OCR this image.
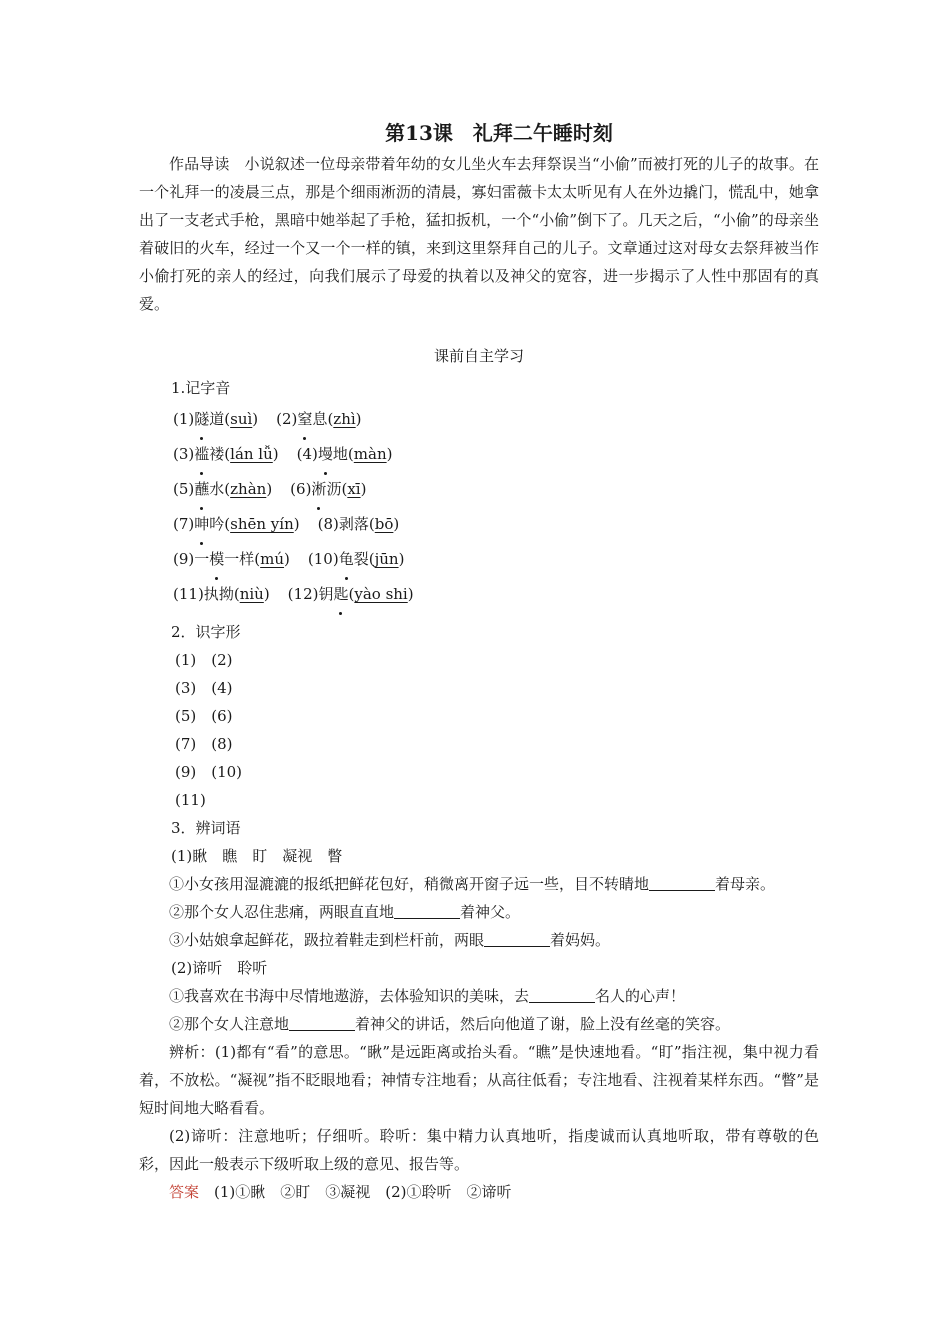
第13课　礼拜二午睡时刻

作品导读　 小说叙述一位母亲带着年幼的女儿坐火车去拜祭误当“小偷”而被打死的儿子的故事。在一个礼拜一的凌晨三点，那是个细雨淅沥的清晨，寡妇雷薇卡太太听见有人在外边撬门，慌乱中，她拿出了一支老式手枪，黑暗中她举起了手枪，猛扣扳机，一个“小偷”倒下了。几天之后，“小偷”的母亲坐着破旧的火车，经过一个又一个一样的镇，来到这里祭拜自己的儿子。文章通过这对母女去祭拜被当作小偷打死的亲人的经过，向我们展示了母爱的执着以及神父的宽容，进一步揭示了人性中那固有的真爱。

课前自主学习

1.记字音

(1)隧道(suì) (2)窒息(zhì)

(3)褴褛(lán lǚ) (4)墁地(màn)

(5)蘸水(zhàn) (6)淅沥(xī)

(7)呻吟(shēn yín) (8)剥落(bō)

(9)一模一样(mú) (10)龟裂(jūn)

(11)执拗(niù) (12)钥匙(yào shi)

2．识字形

(1)　(2)
(3)　(4)
(5)　(6)
(7)　(8)
(9)　(10)
(11)

3．辨词语

(1)瞅　瞧　盯　凝视　瞥

①小女孩用湿漉漉的报纸把鲜花包好，稍微离开窗子远一些，目不转睛地	着母亲。

②那个女人忍住悲痛，两眼直直地	着神父。

③小姑娘拿起鲜花，趿拉着鞋走到栏杆前，两眼	着妈妈。

(2)谛听　聆听

①我喜欢在书海中尽情地遨游，去体验知识的美味，去	名人的心声！

②那个女人注意地	着神父的讲话，然后向他道了谢，脸上没有丝毫的笑容。

辨析：(1)都有“看”的意思。“瞅”是远距离或抬头看。“瞧”是快速地看。“盯”指注视，集中视力看着，不放松。“凝视”指不眨眼地看；神情专注地看；从高往低看；专注地看、注视着某样东西。“瞥”是短时间地大略看看。

(2)谛听：注意地听；仔细听。聆听：集中精力认真地听，指虔诚而认真地听取，带有尊敬的色彩，因此一般表示下级听取上级的意见、报告等。

答案　 (1)①瞅　②盯　③凝视　(2)①聆听　②谛听
